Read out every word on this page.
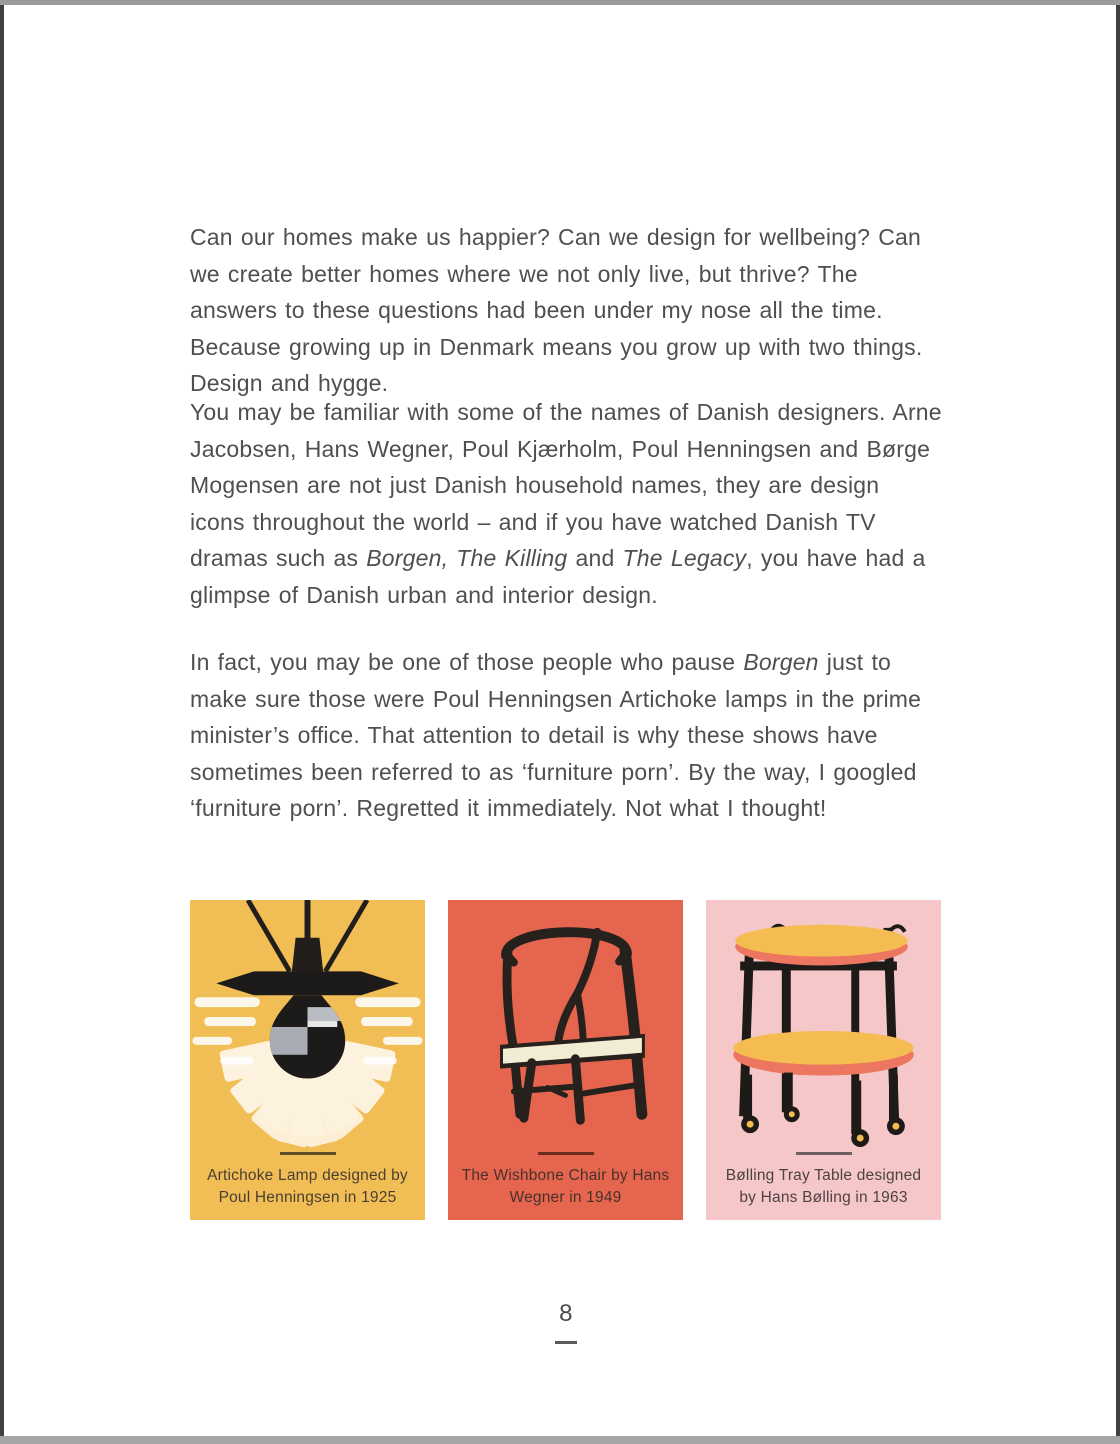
Can our homes make us happier? Can we design for wellbeing? Can we create better homes where we not only live, but thrive? The answers to these questions had been under my nose all the time. Because growing up in Denmark means you grow up with two things. Design and hygge.

You may be familiar with some of the names of Danish designers. Arne Jacobsen, Hans Wegner, Poul Kjærholm, Poul Henningsen and Børge Mogensen are not just Danish household names, they are design icons throughout the world – and if you have watched Danish TV dramas such as Borgen, The Killing and The Legacy, you have had a glimpse of Danish urban and interior design.

In fact, you may be one of those people who pause Borgen just to make sure those were Poul Henningsen Artichoke lamps in the prime minister’s office. That attention to detail is why these shows have sometimes been referred to as ‘furniture porn’. By the way, I googled ‘furniture porn’. Regretted it immediately. Not what I thought!

Artichoke Lamp designed by Poul Henningsen in 1925
The Wishbone Chair by Hans Wegner in 1949
Bølling Tray Table designed by Hans Bølling in 1963
8
